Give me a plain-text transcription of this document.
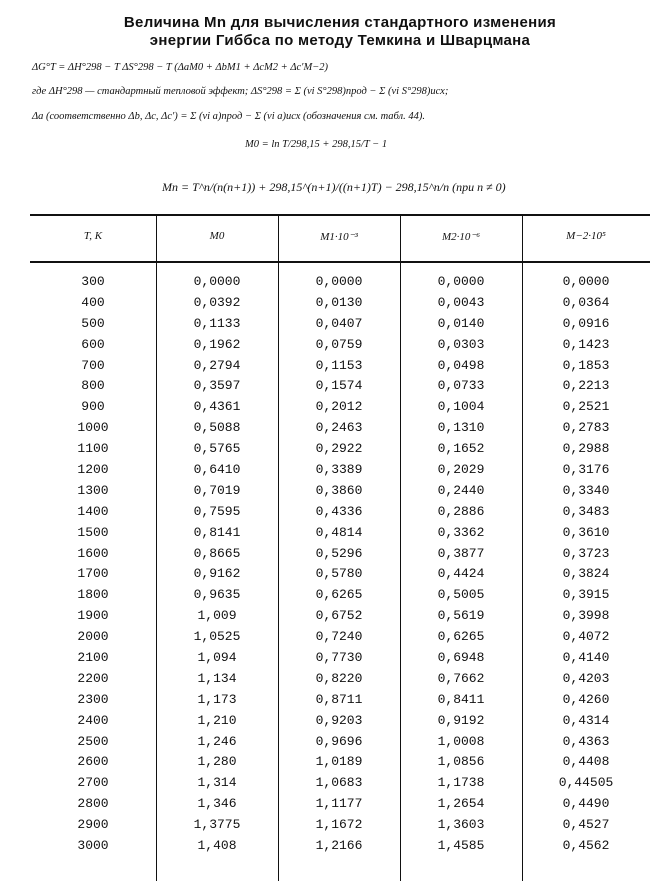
Величина Mn для вычисления стандартного изменения
энергии Гиббса по методу Темкина и Шварцмана
ΔG°T = ΔH°298 − T ΔS°298 − T (ΔaM0 + ΔbM1 + ΔcM2 + Δc′M−2)
где ΔH°298 — стандартный тепловой эффект; ΔS°298 = Σ (νi S°298)прод − Σ (νi S°298)исх;
Δa (соответственно Δb, Δc, Δc′) = Σ (νi a)прод − Σ (νi a)исх (обозначения см. табл. 44).
M0 = ln T/298,15 + 298,15/T − 1
Mn = T^n/(n(n+1)) + 298,15^(n+1)/((n+1)T) − 298,15^n/n (при n ≠ 0)
T, K	M0	M1·10⁻³	M2·10⁻⁶	M−2·10⁵
300	0,0000	0,0000	0,0000	0,0000
400	0,0392	0,0130	0,0043	0,0364
500	0,1133	0,0407	0,0140	0,0916
600	0,1962	0,0759	0,0303	0,1423
700	0,2794	0,1153	0,0498	0,1853
800	0,3597	0,1574	0,0733	0,2213
900	0,4361	0,2012	0,1004	0,2521
1000	0,5088	0,2463	0,1310	0,2783
1100	0,5765	0,2922	0,1652	0,2988
1200	0,6410	0,3389	0,2029	0,3176
1300	0,7019	0,3860	0,2440	0,3340
1400	0,7595	0,4336	0,2886	0,3483
1500	0,8141	0,4814	0,3362	0,3610
1600	0,8665	0,5296	0,3877	0,3723
1700	0,9162	0,5780	0,4424	0,3824
1800	0,9635	0,6265	0,5005	0,3915
1900	1,009	0,6752	0,5619	0,3998
2000	1,0525	0,7240	0,6265	0,4072
2100	1,094	0,7730	0,6948	0,4140
2200	1,134	0,8220	0,7662	0,4203
2300	1,173	0,8711	0,8411	0,4260
2400	1,210	0,9203	0,9192	0,4314
2500	1,246	0,9696	1,0008	0,4363
2600	1,280	1,0189	1,0856	0,4408
2700	1,314	1,0683	1,1738	0,44505
2800	1,346	1,1177	1,2654	0,4490
2900	1,3775	1,1672	1,3603	0,4527
3000	1,408	1,2166	1,4585	0,4562
